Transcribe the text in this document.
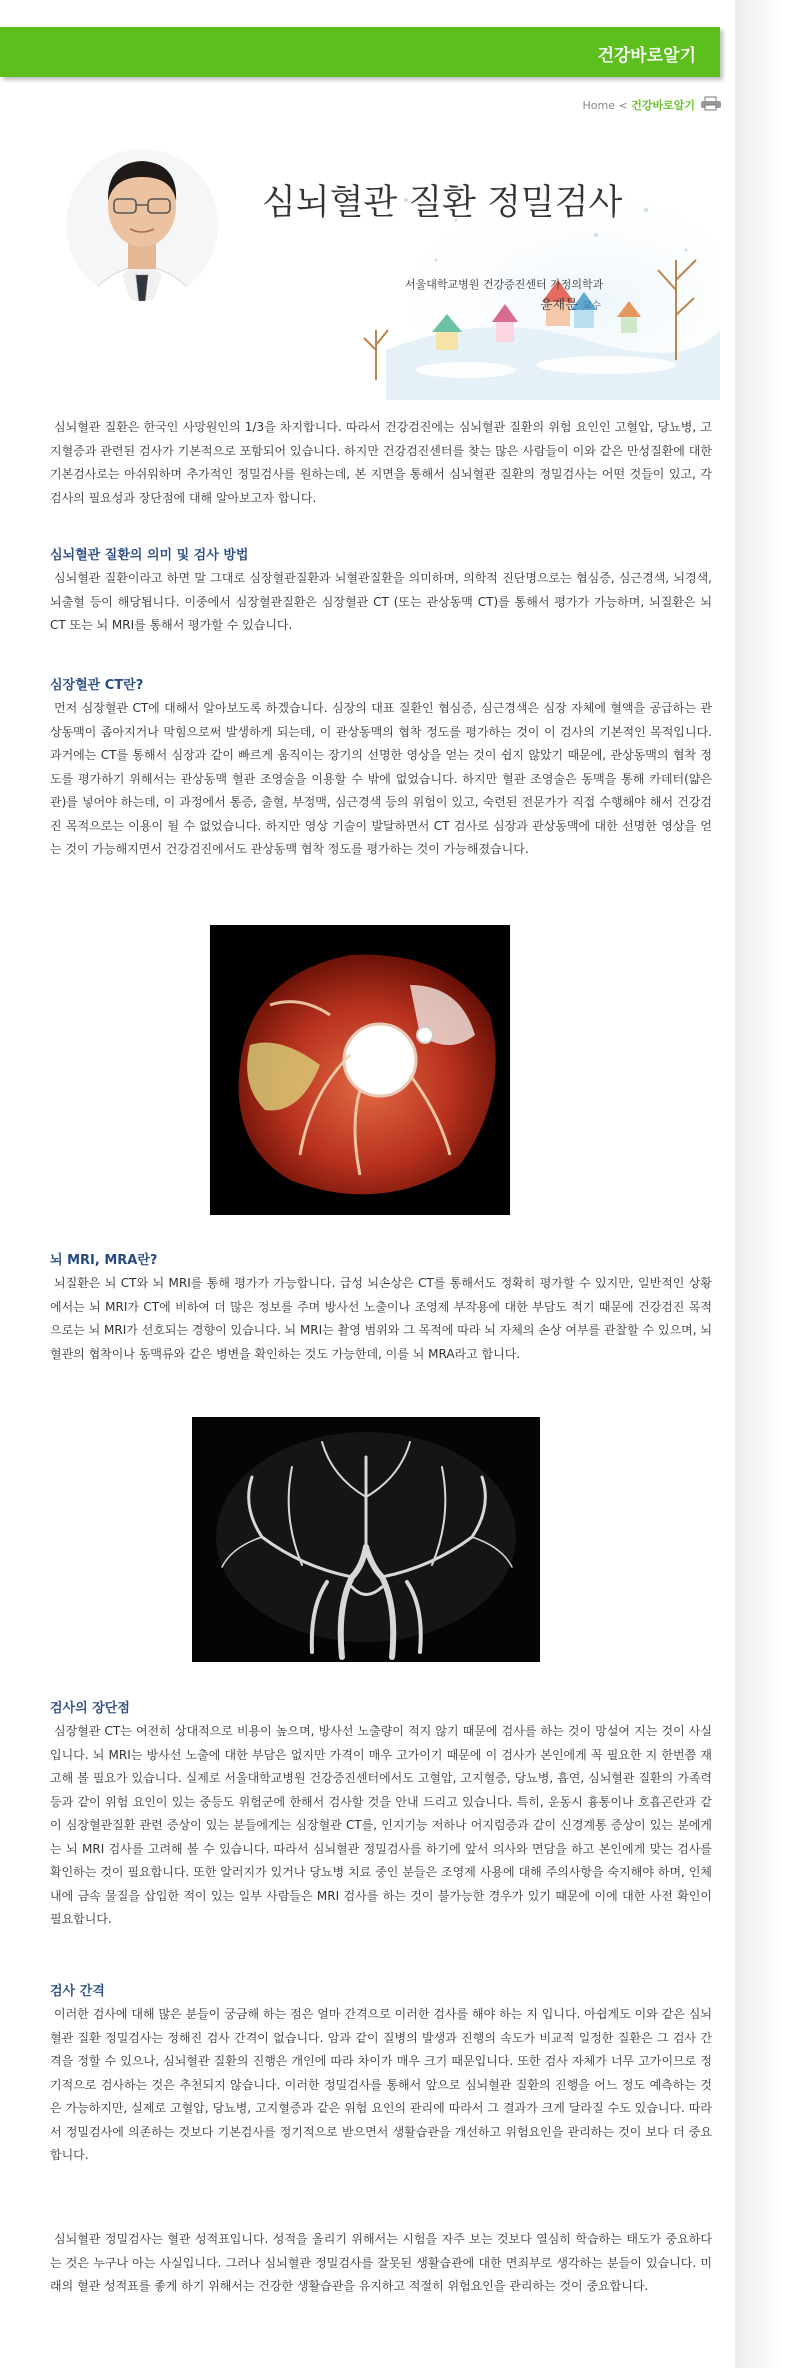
건강바로알기
Home < 건강바로알기
심뇌혈관 질환 정밀검사
서울대학교병원 건강증진센터 가정의학과
윤재문 교수

심뇌혈관 질환은 한국인 사망원인의 1/3을 차지합니다. 따라서 건강검진에는 심뇌혈관 질환의 위험 요인인 고혈압, 당뇨병, 고지혈증과 관련된 검사가 기본적으로 포함되어 있습니다. 하지만 건강검진센터를 찾는 많은 사람들이 이와 같은 만성질환에 대한 기본검사로는 아쉬워하며 추가적인 정밀검사를 원하는데, 본 지면을 통해서 심뇌혈관 질환의 정밀검사는 어떤 것들이 있고, 각 검사의 필요성과 장단점에 대해 알아보고자 합니다.

심뇌혈관 질환의 의미 및 검사 방법

심뇌혈관 질환이라고 하면 말 그대로 심장혈관질환과 뇌혈관질환을 의미하며, 의학적 진단명으로는 협심증, 심근경색, 뇌경색, 뇌출혈 등이 해당됩니다. 이중에서 심장혈관질환은 심장혈관 CT (또는 관상동맥 CT)를 통해서 평가가 가능하며, 뇌질환은 뇌 CT 또는 뇌 MRI를 통해서 평가할 수 있습니다.

심장혈관 CT란?

먼저 심장혈관 CT에 대해서 알아보도록 하겠습니다. 심장의 대표 질환인 협심증, 심근경색은 심장 자체에 혈액을 공급하는 관상동맥이 좁아지거나 막힘으로써 발생하게 되는데, 이 관상동맥의 협착 정도를 평가하는 것이 이 검사의 기본적인 목적입니다. 과거에는 CT를 통해서 심장과 같이 빠르게 움직이는 장기의 선명한 영상을 얻는 것이 쉽지 않았기 때문에, 관상동맥의 협착 정도를 평가하기 위해서는 관상동맥 혈관 조영술을 이용할 수 밖에 없었습니다. 하지만 혈관 조영술은 동맥을 통해 카데터(얇은 관)를 넣어야 하는데, 이 과정에서 통증, 출혈, 부정맥, 심근경색 등의 위험이 있고, 숙련된 전문가가 직접 수행해야 해서 건강검진 목적으로는 이용이 될 수 없었습니다. 하지만 영상 기술이 발달하면서 CT 검사로 심장과 관상동맥에 대한 선명한 영상을 얻는 것이 가능해지면서 건강검진에서도 관상동맥 협착 정도를 평가하는 것이 가능해졌습니다.

뇌 MRI, MRA란?

뇌질환은 뇌 CT와 뇌 MRI를 통해 평가가 가능합니다. 급성 뇌손상은 CT를 통해서도 정확히 평가할 수 있지만, 일반적인 상황에서는 뇌 MRI가 CT에 비하여 더 많은 정보를 주며 방사선 노출이나 조영제 부작용에 대한 부담도 적기 때문에 건강검진 목적으로는 뇌 MRI가 선호되는 경향이 있습니다. 뇌 MRI는 촬영 범위와 그 목적에 따라 뇌 자체의 손상 여부를 관찰할 수 있으며, 뇌혈관의 협착이나 동맥류와 같은 병변을 확인하는 것도 가능한데, 이를 뇌 MRA라고 합니다.

검사의 장단점

심장혈관 CT는 여전히 상대적으로 비용이 높으며, 방사선 노출량이 적지 않기 때문에 검사를 하는 것이 망설여 지는 것이 사실입니다. 뇌 MRI는 방사선 노출에 대한 부담은 없지만 가격이 매우 고가이기 때문에 이 검사가 본인에게 꼭 필요한 지 한번쯤 재고해 볼 필요가 있습니다. 실제로 서울대학교병원 건강증진센터에서도 고혈압, 고지혈증, 당뇨병, 흡연, 심뇌혈관 질환의 가족력 등과 같이 위험 요인이 있는 중등도 위험군에 한해서 검사할 것을 안내 드리고 있습니다. 특히, 운동시 흉통이나 호흡곤란과 같이 심장혈관질환 관련 증상이 있는 분들에게는 심장혈관 CT를, 인지기능 저하나 어지럼증과 같이 신경계통 증상이 있는 분에게는 뇌 MRI 검사를 고려해 볼 수 있습니다. 따라서 심뇌혈관 정밀검사를 하기에 앞서 의사와 면담을 하고 본인에게 맞는 검사를 확인하는 것이 필요합니다. 또한 알러지가 있거나 당뇨병 치료 중인 분들은 조영제 사용에 대해 주의사항을 숙지해야 하며, 인체 내에 금속 물질을 삽입한 적이 있는 일부 사람들은 MRI 검사를 하는 것이 불가능한 경우가 있기 때문에 이에 대한 사전 확인이 필요합니다.

검사 간격

이러한 검사에 대해 많은 분들이 궁금해 하는 점은 얼마 간격으로 이러한 검사를 해야 하는 지 입니다. 아쉽게도 이와 같은 심뇌혈관 질환 정밀검사는 정해진 검사 간격이 없습니다. 암과 같이 질병의 발생과 진행의 속도가 비교적 일정한 질환은 그 검사 간격을 정할 수 있으나, 심뇌혈관 질환의 진행은 개인에 따라 차이가 매우 크기 때문입니다. 또한 검사 자체가 너무 고가이므로 정기적으로 검사하는 것은 추천되지 않습니다. 이러한 정밀검사를 통해서 앞으로 심뇌혈관 질환의 진행을 어느 정도 예측하는 것은 가능하지만, 실제로 고혈압, 당뇨병, 고지혈증과 같은 위험 요인의 관리에 따라서 그 결과가 크게 달라질 수도 있습니다. 따라서 정밀검사에 의존하는 것보다 기본검사를 정기적으로 받으면서 생활습관을 개선하고 위험요인을 관리하는 것이 보다 더 중요합니다.

심뇌혈관 정밀검사는 혈관 성적표입니다. 성적을 올리기 위해서는 시험을 자주 보는 것보다 열심히 학습하는 태도가 중요하다는 것은 누구나 아는 사실입니다. 그러나 심뇌혈관 정밀검사를 잘못된 생활습관에 대한 면죄부로 생각하는 분들이 있습니다. 미래의 혈관 성적표를 좋게 하기 위해서는 건강한 생활습관을 유지하고 적절히 위험요인을 관리하는 것이 중요합니다.
